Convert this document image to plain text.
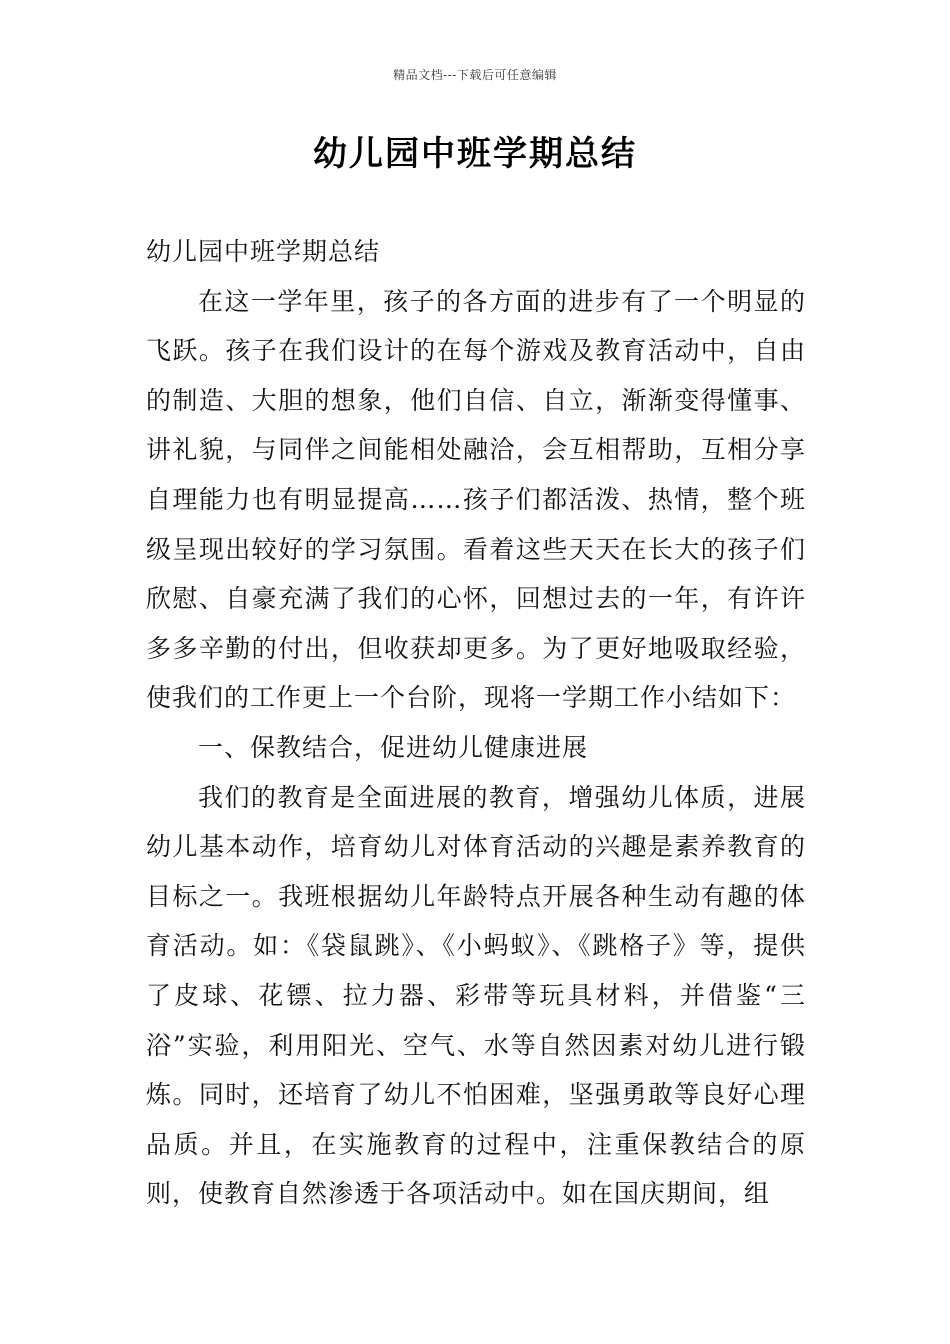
精品文档---下载后可任意编辑
幼儿园中班学期总结

幼儿园中班学期总结

在这一学年里，孩子的各方面的进步有了一个明显的飞跃。孩子在我们设计的在每个游戏及教育活动中，自由的制造、大胆的想象，他们自信、自立，渐渐变得懂事、讲礼貌，与同伴之间能相处融洽，会互相帮助，互相分享自理能力也有明显提高……孩子们都活泼、热情，整个班级呈现出较好的学习氛围。看着这些天天在长大的孩子们欣慰、自豪充满了我们的心怀，回想过去的一年，有许许多多辛勤的付出，但收获却更多。为了更好地吸取经验，使我们的工作更上一个台阶，现将一学期工作小结如下：

一、保教结合，促进幼儿健康进展

我们的教育是全面进展的教育，增强幼儿体质，进展幼儿基本动作，培育幼儿对体育活动的兴趣是素养教育的目标之一。我班根据幼儿年龄特点开展各种生动有趣的体育活动。如：《袋鼠跳》、《小蚂蚁》、《跳格子》等，提供了皮球、花镖、拉力器、彩带等玩具材料，并借鉴“三浴”实验，利用阳光、空气、水等自然因素对幼儿进行锻炼。同时，还培育了幼儿不怕困难，坚强勇敢等良好心理品质。并且，在实施教育的过程中，注重保教结合的原则，使教育自然渗透于各项活动中。如在国庆期间，组
